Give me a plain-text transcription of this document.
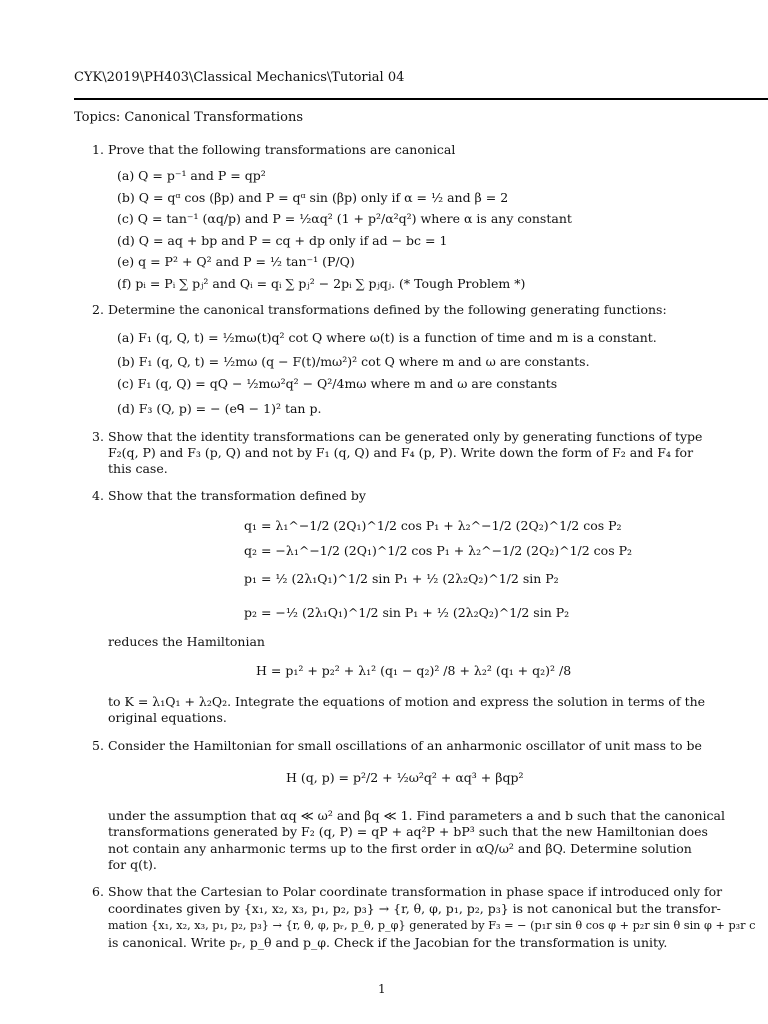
CYK\2019\PH403\Classical Mechanics\Tutorial 04
Topics: Canonical Transformations
1. Prove that the following transformations are canonical
(a) Q = p⁻¹ and P = qp²
(b) Q = qᵅ cos (βp) and P = qᵅ sin (βp) only if α = ½ and β = 2
(c) Q = tan⁻¹ (αq/p) and P = ½αq² (1 + p²/α²q²) where α is any constant
(d) Q = aq + bp and P = cq + dp only if ad − bc = 1
(e) q = P² + Q² and P = ½ tan⁻¹ (P/Q)
(f) pᵢ = Pᵢ ∑ pⱼ² and Qᵢ = qᵢ ∑ pⱼ² − 2pᵢ ∑ pⱼqⱼ. (* Tough Problem *)
2. Determine the canonical transformations defined by the following generating functions:
(a) F₁ (q, Q, t) = ½mω(t)q² cot Q where ω(t) is a function of time and m is a constant.
(b) F₁ (q, Q, t) = ½mω (q − F(t)/mω²)² cot Q where m and ω are constants.
(c) F₁ (q, Q) = qQ − ½mω²q² − Q²/4mω where m and ω are constants
(d) F₃ (Q, p) = − (eᑫ − 1)² tan p.
3. Show that the identity transformations can be generated only by generating functions of type
F₂(q, P) and F₃ (p, Q) and not by F₁ (q, Q) and F₄ (p, P). Write down the form of F₂ and F₄ for
this case.
4. Show that the transformation defined by
q₁ = λ₁^−1/2 (2Q₁)^1/2 cos P₁ + λ₂^−1/2 (2Q₂)^1/2 cos P₂
q₂ = −λ₁^−1/2 (2Q₁)^1/2 cos P₁ + λ₂^−1/2 (2Q₂)^1/2 cos P₂
p₁ = ½ (2λ₁Q₁)^1/2 sin P₁ + ½ (2λ₂Q₂)^1/2 sin P₂
p₂ = −½ (2λ₁Q₁)^1/2 sin P₁ + ½ (2λ₂Q₂)^1/2 sin P₂
reduces the Hamiltonian
H = p₁² + p₂² + λ₁² (q₁ − q₂)² /8 + λ₂² (q₁ + q₂)² /8
to K = λ₁Q₁ + λ₂Q₂. Integrate the equations of motion and express the solution in terms of the
original equations.
5. Consider the Hamiltonian for small oscillations of an anharmonic oscillator of unit mass to be
H (q, p) = p²/2 + ½ω²q² + αq³ + βqp²
under the assumption that αq ≪ ω² and βq ≪ 1. Find parameters a and b such that the canonical
transformations generated by F₂ (q, P) = qP + aq²P + bP³ such that the new Hamiltonian does
not contain any anharmonic terms up to the first order in αQ/ω² and βQ. Determine solution
for q(t).
6. Show that the Cartesian to Polar coordinate transformation in phase space if introduced only for
coordinates given by {x₁, x₂, x₃, p₁, p₂, p₃} → {r, θ, φ, p₁, p₂, p₃} is not canonical but the transfor-
mation {x₁, x₂, x₃, p₁, p₂, p₃} → {r, θ, φ, pᵣ, p_θ, p_φ} generated by F₃ = − (p₁r sin θ cos φ + p₂r sin θ sin φ + p₃r c
is canonical. Write pᵣ, p_θ and p_φ. Check if the Jacobian for the transformation is unity.
1
